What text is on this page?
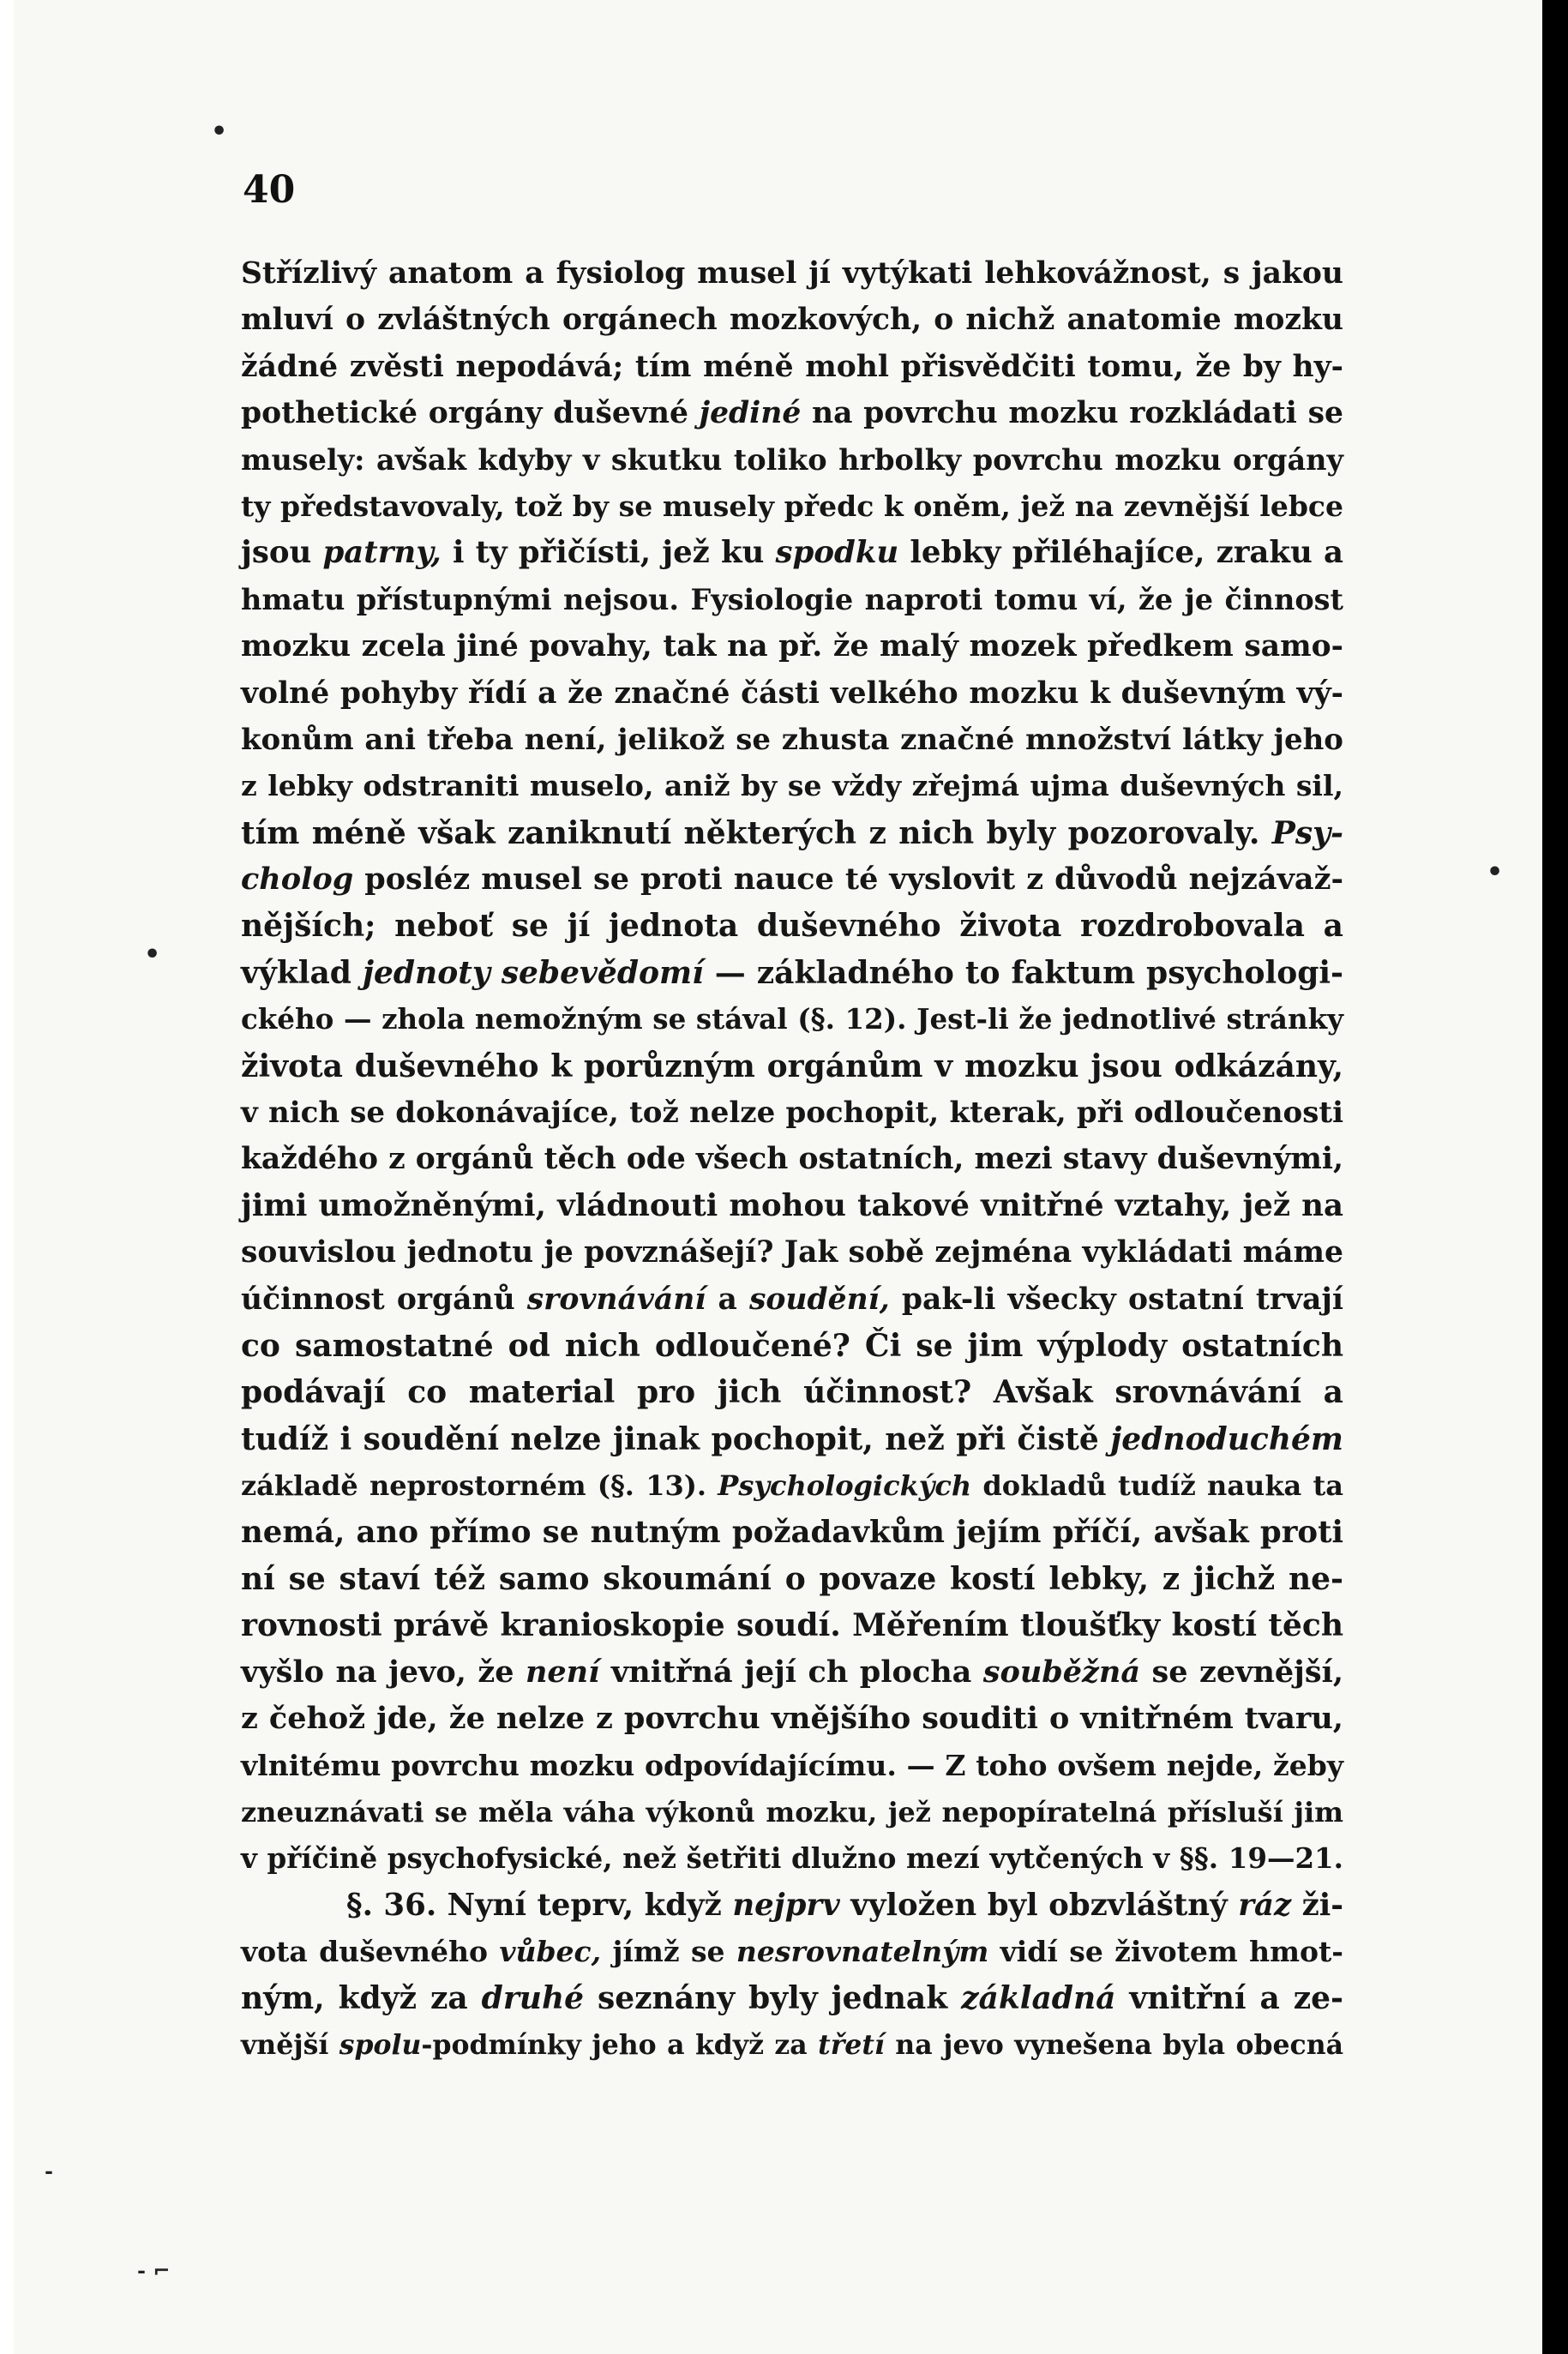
40
•
•
•
-
- ⌐
Střízlivý anatom a fysiolog musel jí vytýkati lehkovážnost, s jakou
mluví o zvláštných orgánech mozkových, o nichž anatomie mozku
žádné zvěsti nepodává; tím méně mohl přisvědčiti tomu, že by hy-
pothetické orgány duševné jediné na povrchu mozku rozkládati se
musely: avšak kdyby v skutku toliko hrbolky povrchu mozku orgány
ty představovaly, tož by se musely předc k oněm, jež na zevnější lebce
jsou patrny, i ty přičísti, jež ku spodku lebky přiléhajíce, zraku a
hmatu přístupnými nejsou. Fysiologie naproti tomu ví, že je činnost
mozku zcela jiné povahy, tak na př. že malý mozek předkem samo-
volné pohyby řídí a že značné části velkého mozku k duševným vý-
konům ani třeba není, jelikož se zhusta značné množství látky jeho
z lebky odstraniti muselo, aniž by se vždy zřejmá ujma duševných sil,
tím méně však zaniknutí některých z nich byly pozorovaly. Psy-
cholog posléz musel se proti nauce té vyslovit z důvodů nejzávaž-
nějších; neboť se jí jednota duševného života rozdrobovala a
výklad jednoty sebevědomí — základného to faktum psychologi-
ckého — zhola nemožným se stával (§. 12). Jest-li že jednotlivé stránky
života duševného k porůzným orgánům v mozku jsou odkázány,
v nich se dokonávajíce, tož nelze pochopit, kterak, při odloučenosti
každého z orgánů těch ode všech ostatních, mezi stavy duševnými,
jimi umožněnými, vládnouti mohou takové vnitřné vztahy, jež na
souvislou jednotu je povznášejí? Jak sobě zejména vykládati máme
účinnost orgánů srovnávání a soudění, pak-li všecky ostatní trvají
co samostatné od nich odloučené? Či se jim výplody ostatních
podávají co material pro jich účinnost? Avšak srovnávání a
tudíž i soudění nelze jinak pochopit, než při čistě jednoduchém
základě neprostorném (§. 13). Psychologických dokladů tudíž nauka ta
nemá, ano přímo se nutným požadavkům jejím příčí, avšak proti
ní se staví též samo skoumání o povaze kostí lebky, z jichž ne-
rovnosti právě kranioskopie soudí. Měřením tloušťky kostí těch
vyšlo na jevo, že není vnitřná její ch plocha souběžná se zevnější,
z čehož jde, že nelze z povrchu vnějšího souditi o vnitřném tvaru,
vlnitému povrchu mozku odpovídajícímu. — Z toho ovšem nejde, žeby
zneuznávati se měla váha výkonů mozku, jež nepopíratelná přísluší jim
v příčině psychofysické, než šetřiti dlužno mezí vytčených v §§. 19—21.
§. 36. Nyní teprv, když nejprv vyložen byl obzvláštný ráz ži-
vota duševného vůbec, jímž se nesrovnatelným vidí se životem hmot-
ným, když za druhé seznány byly jednak základná vnitřní a ze-
vnější spolu-podmínky jeho a když za třetí na jevo vynešena byla obecná
